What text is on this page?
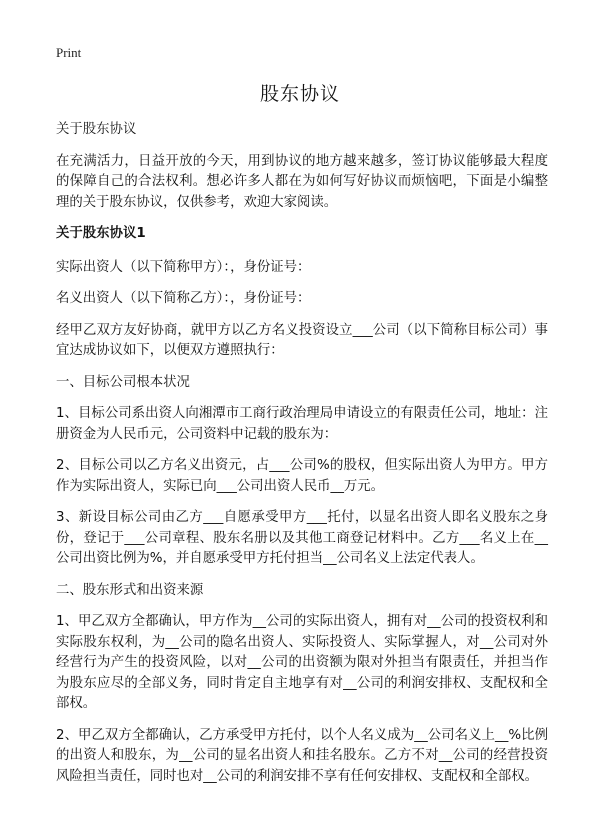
Print
股东协议

关于股东协议

在充满活力，日益开放的今天，用到协议的地方越来越多，签订协议能够最大程度的保障自己的合法权利。想必许多人都在为如何写好协议而烦恼吧，下面是小编整理的关于股东协议，仅供参考，欢迎大家阅读。

关于股东协议1

实际出资人（以下简称甲方）：，身份证号：

名义出资人（以下简称乙方）：，身份证号：

经甲乙双方友好协商，就甲方以乙方名义投资设立___公司（以下简称目标公司）事宜达成协议如下，以便双方遵照执行：

一、目标公司根本状况

1、目标公司系出资人向湘潭市工商行政治理局申请设立的有限责任公司，地址：注册资金为人民币元，公司资料中记载的股东为：

2、目标公司以乙方名义出资元，占___公司%的股权，但实际出资人为甲方。甲方作为实际出资人，实际已向___公司出资人民币__万元。

3、新设目标公司由乙方___自愿承受甲方___托付，以显名出资人即名义股东之身份，登记于___公司章程、股东名册以及其他工商登记材料中。乙方___名义上在__公司出资比例为%，并自愿承受甲方托付担当__公司名义上法定代表人。

二、股东形式和出资来源

1、甲乙双方全都确认，甲方作为__公司的实际出资人，拥有对__公司的投资权利和实际股东权利，为__公司的隐名出资人、实际投资人、实际掌握人，对__公司对外经营行为产生的投资风险，以对__公司的出资额为限对外担当有限责任，并担当作为股东应尽的全部义务，同时肯定自主地享有对__公司的利润安排权、支配权和全部权。

2、甲乙双方全都确认，乙方承受甲方托付，以个人名义成为__公司名义上__%比例的出资人和股东，为__公司的显名出资人和挂名股东。乙方不对__公司的经营投资风险担当责任，同时也对__公司的利润安排不享有任何安排权、支配权和全部权。
